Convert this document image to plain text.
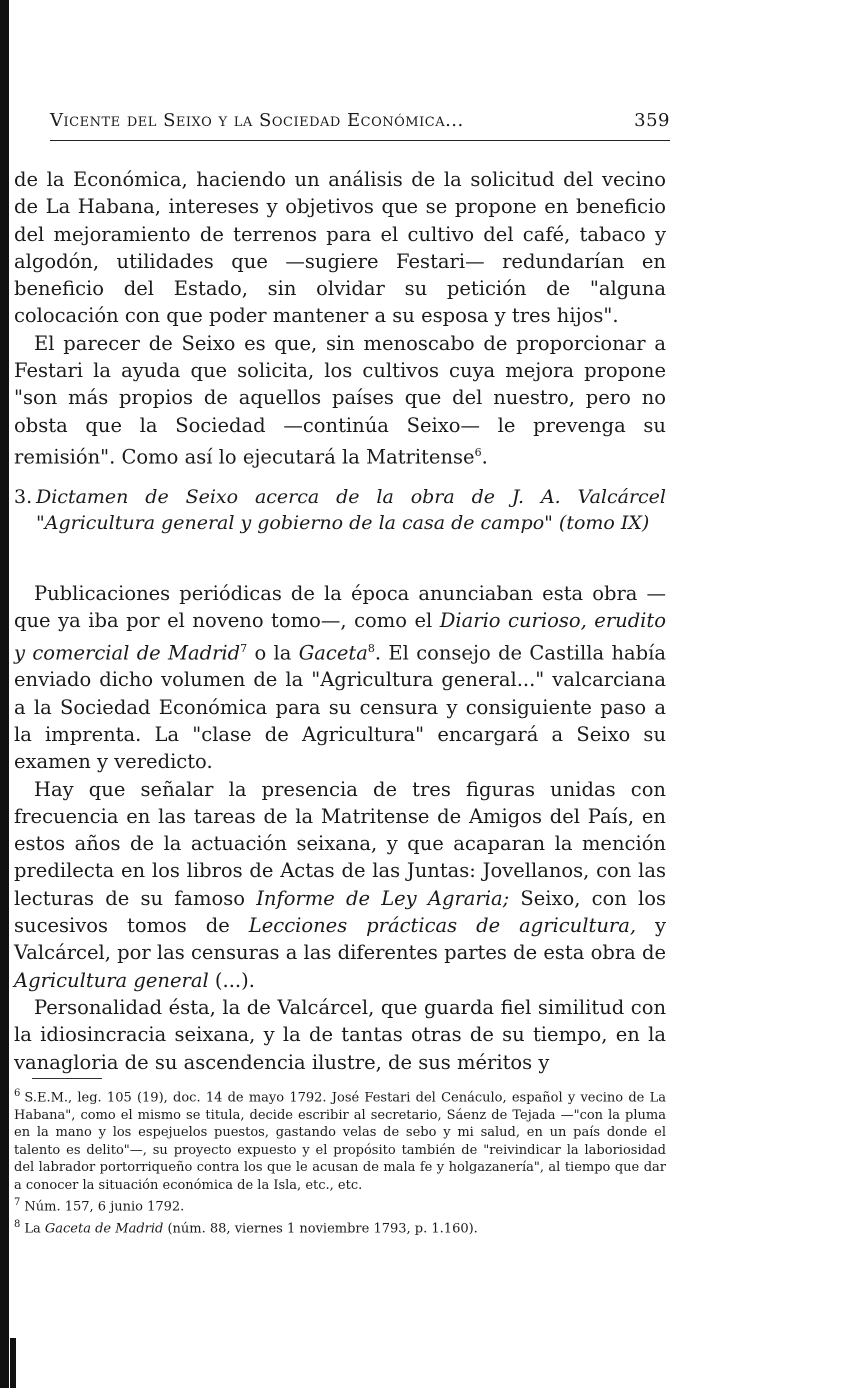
Vicente del Seixo y la Sociedad Económica...	359

de la Económica, haciendo un análisis de la solicitud del vecino de La Habana, intereses y objetivos que se propone en beneficio del mejoramiento de terrenos para el cultivo del café, tabaco y algodón, utilidades que —sugiere Festari— redundarían en beneficio del Estado, sin olvidar su petición de "alguna colocación con que poder mantener a su esposa y tres hijos".

El parecer de Seixo es que, sin menoscabo de proporcionar a Festari la ayuda que solicita, los cultivos cuya mejora propone "son más propios de aquellos países que del nuestro, pero no obsta que la Sociedad —continúa Seixo— le prevenga su remisión". Como así lo ejecutará la Matritense$^6$.

3. Dictamen de Seixo acerca de la obra de J. A. Valcárcel "Agricultura general y gobierno de la casa de campo" (tomo IX)

Publicaciones periódicas de la época anunciaban esta obra —que ya iba por el noveno tomo—, como el Diario curioso, erudito y comercial de Madrid$^7$ o la Gaceta$^8$. El consejo de Castilla había enviado dicho volumen de la "Agricultura general..." valcarciana a la Sociedad Económica para su censura y consiguiente paso a la imprenta. La "clase de Agricultura" encargará a Seixo su examen y veredicto.

Hay que señalar la presencia de tres figuras unidas con frecuencia en las tareas de la Matritense de Amigos del País, en estos años de la actuación seixana, y que acaparan la mención predilecta en los libros de Actas de las Juntas: Jovellanos, con las lecturas de su famoso Informe de Ley Agraria; Seixo, con los sucesivos tomos de Lecciones prácticas de agricultura, y Valcárcel, por las censuras a las diferentes partes de esta obra de Agricultura general (...).

Personalidad ésta, la de Valcárcel, que guarda fiel similitud con la idiosincracia seixana, y la de tantas otras de su tiempo, en la vanagloria de su ascendencia ilustre, de sus méritos y

$^6$ S.E.M., leg. 105 (19), doc. 14 de mayo 1792. José Festari del Cenáculo, español y vecino de La Habana", como el mismo se titula, decide escribir al secretario, Sáenz de Tejada —"con la pluma en la mano y los espejuelos puestos, gastando velas de sebo y mi salud, en un país donde el talento es delito"—, su proyecto expuesto y el propósito también de "reivindicar la laboriosidad del labrador portorriqueño contra los que le acusan de mala fe y holgazanería", al tiempo que dar a conocer la situación económica de la Isla, etc., etc.

$^7$ Núm. 157, 6 junio 1792.

$^8$ La Gaceta de Madrid (núm. 88, viernes 1 noviembre 1793, p. 1.160).
